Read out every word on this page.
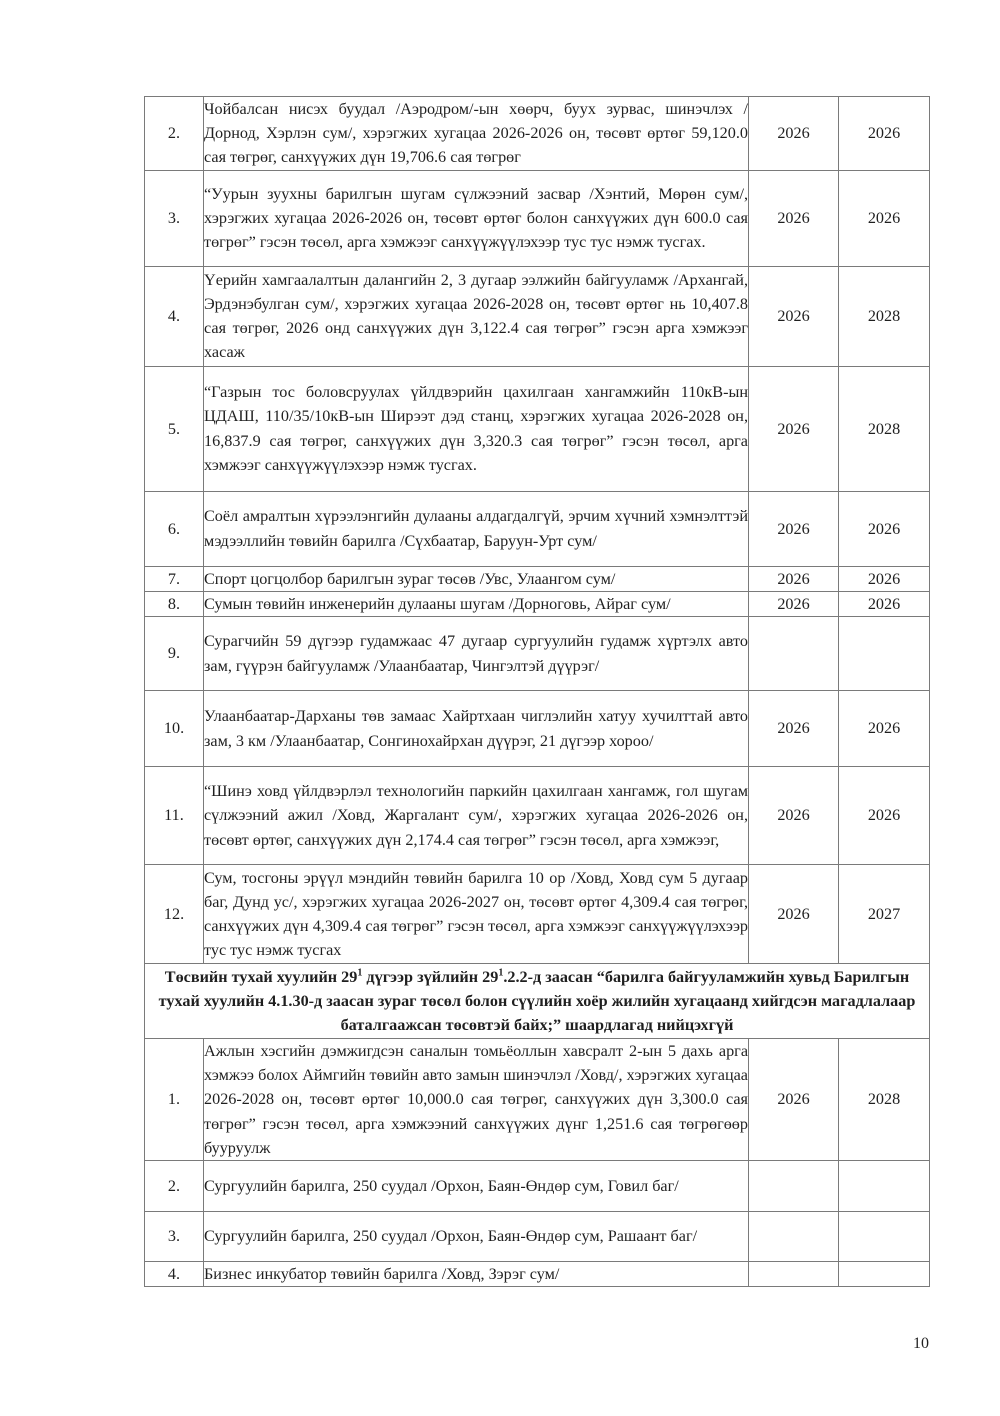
2.	Чойбалсан нисэх буудал /Аэродром/-ын хөөрч, буух зурвас, шинэчлэх /Дорнод, Хэрлэн сум/, хэрэгжих хугацаа 2026-2026 он, төсөвт өртөг 59,120.0 сая төгрөг, санхүүжих дүн 19,706.6 сая төгрөг	2026	2026
3.	“Уурын зуухны барилгын шугам сүлжээний засвар /Хэнтий, Мөрөн сум/, хэрэгжих хугацаа 2026-2026 он, төсөвт өртөг болон санхүүжих дүн 600.0 сая төгрөг” гэсэн төсөл, арга хэмжээг санхүүжүүлэхээр тус тус нэмж тусгах.	2026	2026
4.	Үерийн хамгаалалтын далангийн 2, 3 дугаар ээлжийн байгууламж /Архангай, Эрдэнэбулган сум/, хэрэгжих хугацаа 2026-2028 он, төсөвт өртөг нь 10,407.8 сая төгрөг, 2026 онд санхүүжих дүн 3,122.4 сая төгрөг” гэсэн арга хэмжээг хасаж	2026	2028
5.	“Газрын тос боловсруулах үйлдвэрийн цахилгаан хангамжийн 110кВ-ын ЦДАШ, 110/35/10кВ-ын Ширээт дэд станц, хэрэгжих хугацаа 2026-2028 он, 16,837.9 сая төгрөг, санхүүжих дүн 3,320.3 сая төгрөг” гэсэн төсөл, арга хэмжээг санхүүжүүлэхээр нэмж тусгах.	2026	2028
6.	Соёл амралтын хүрээлэнгийн дулааны алдагдалгүй, эрчим хүчний хэмнэлттэй мэдээллийн төвийн барилга /Сүхбаатар, Баруун-Урт сум/	2026	2026
7.	Спорт цогцолбор барилгын зураг төсөв /Увс, Улаангом сум/	2026	2026
8.	Сумын төвийн инженерийн дулааны шугам /Дорноговь, Айраг сум/	2026	2026
9.	Сурагчийн 59 дүгээр гудамжаас 47 дугаар сургуулийн гудамж хүртэлх авто зам, гүүрэн байгууламж /Улаанбаатар, Чингэлтэй дүүрэг/		
10.	Улаанбаатар-Дарханы төв замаас Хайртхаан чиглэлийн хатуу хучилттай авто зам, 3 км /Улаанбаатар, Сонгинохайрхан дүүрэг, 21 дүгээр хороо/	2026	2026
11.	“Шинэ ховд үйлдвэрлэл технологийн паркийн цахилгаан хангамж, гол шугам сүлжээний ажил /Ховд, Жаргалант сум/, хэрэгжих хугацаа 2026-2026 он, төсөвт өртөг, санхүүжих дүн 2,174.4 сая төгрөг” гэсэн төсөл, арга хэмжээг,	2026	2026
12.	Сум, тосгоны эрүүл мэндийн төвийн барилга 10 ор /Ховд, Ховд сум 5 дугаар баг, Дунд ус/, хэрэгжих хугацаа 2026-2027 он, төсөвт өртөг 4,309.4 сая төгрөг, санхүүжих дүн 4,309.4 сая төгрөг” гэсэн төсөл, арга хэмжээг санхүүжүүлэхээр тус тус нэмж тусгах	2026	2027
Төсвийн тухай хуулийн $29^1$ дүгээр зүйлийн $29^1.2.2-д$ заасан “барилга байгууламжийн хувьд Барилгын тухай хуулийн 4.1.30-д заасан зураг төсөл болон сүүлийн хоёр жилийн хугацаанд хийгдсэн магадлалаар баталгаажсан төсөвтэй байх;” шаардлагад нийцэхгүй			
1.	Ажлын хэсгийн дэмжигдсэн саналын томьёоллын хавсралт 2-ын 5 дахь арга хэмжээ болох Аймгийн төвийн авто замын шинэчлэл /Ховд/, хэрэгжих хугацаа 2026-2028 он, төсөвт өртөг 10,000.0 сая төгрөг, санхүүжих дүн 3,300.0 сая төгрөг” гэсэн төсөл, арга хэмжээний санхүүжих дүнг 1,251.6 сая төгрөгөөр бууруулж	2026	2028
2.	Сургуулийн барилга, 250 суудал /Орхон, Баян-Өндөр сум, Говил баг/		
3.	Сургуулийн барилга, 250 суудал /Орхон, Баян-Өндөр сум, Рашаант баг/		
4.	Бизнес инкубатор төвийн барилга /Ховд, Зэрэг сум/		
10
